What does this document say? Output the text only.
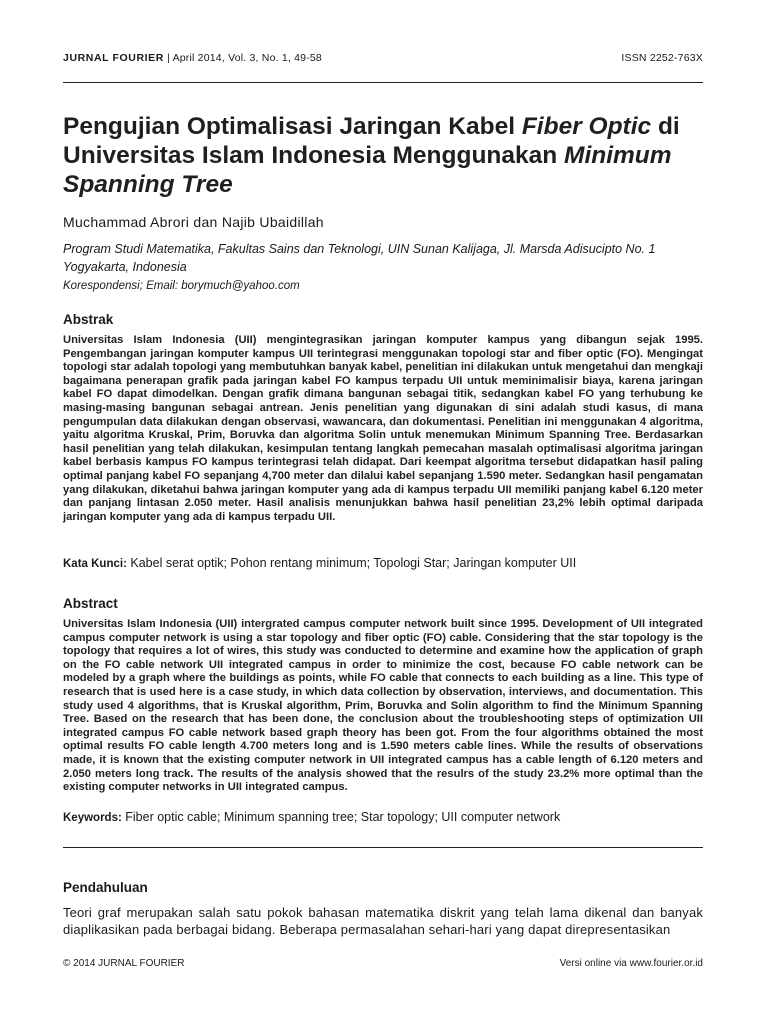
JURNAL FOURIER | April 2014, Vol. 3, No. 1, 49-58	ISSN 2252-763X
Pengujian Optimalisasi Jaringan Kabel Fiber Optic di Universitas Islam Indonesia Menggunakan Minimum Spanning Tree
Muchammad Abrori dan Najib Ubaidillah
Program Studi Matematika, Fakultas Sains dan Teknologi, UIN Sunan Kalijaga, Jl. Marsda Adisucipto No. 1 Yogyakarta, Indonesia
Korespondensi; Email: borymuch@yahoo.com
Abstrak

Universitas Islam Indonesia (UII) mengintegrasikan jaringan komputer kampus yang dibangun sejak 1995. Pengembangan jaringan komputer kampus UII terintegrasi menggunakan topologi star and fiber optic (FO). Mengingat topologi star adalah topologi yang membutuhkan banyak kabel, penelitian ini dilakukan untuk mengetahui dan mengkaji bagaimana penerapan grafik pada jaringan kabel FO kampus terpadu UII untuk meminimalisir biaya, karena jaringan kabel FO dapat dimodelkan. Dengan grafik dimana bangunan sebagai titik, sedangkan kabel FO yang terhubung ke masing-masing bangunan sebagai antrean. Jenis penelitian yang digunakan di sini adalah studi kasus, di mana pengumpulan data dilakukan dengan observasi, wawancara, dan dokumentasi. Penelitian ini menggunakan 4 algoritma, yaitu algoritma Kruskal, Prim, Boruvka dan algoritma Solin untuk menemukan Minimum Spanning Tree. Berdasarkan hasil penelitian yang telah dilakukan, kesimpulan tentang langkah pemecahan masalah optimalisasi algoritma jaringan kabel berbasis kampus FO kampus terintegrasi telah didapat. Dari keempat algoritma tersebut didapatkan hasil paling optimal panjang kabel FO sepanjang 4,700 meter dan dilalui kabel sepanjang 1.590 meter. Sedangkan hasil pengamatan yang dilakukan, diketahui bahwa jaringan komputer yang ada di kampus terpadu UII memiliki panjang kabel 6.120 meter dan panjang lintasan 2.050 meter. Hasil analisis menunjukkan bahwa hasil penelitian 23,2% lebih optimal daripada jaringan komputer yang ada di kampus terpadu UII.

Kata Kunci: Kabel serat optik; Pohon rentang minimum; Topologi Star; Jaringan komputer UII
Abstract

Universitas Islam Indonesia (UII) intergrated campus computer network built since 1995. Development of UII integrated campus computer network is using a star topology and fiber optic (FO) cable. Considering that the star topology is the topology that requires a lot of wires, this study was conducted to determine and examine how the application of graph on the FO cable network UII integrated campus in order to minimize the cost, because FO cable network can be modeled by a graph where the buildings as points, while FO cable that connects to each building as a line. This type of research that is used here is a case study, in which data collection by observation, interviews, and documentation. This study used 4 algorithms, that is Kruskal algorithm, Prim, Boruvka and Solin algorithm to find the Minimum Spanning Tree. Based on the research that has been done, the conclusion about the troubleshooting steps of optimization UII integrated campus FO cable network based graph theory has been got. From the four algorithms obtained the most optimal results FO cable length 4.700 meters long and is 1.590 meters cable lines. While the results of observations made, it is known that the existing computer network in UII integrated campus has a cable length of 6.120 meters and 2.050 meters long track. The results of the analysis showed that the resulrs of the study 23.2% more optimal than the existing computer networks in UII integrated campus.

Keywords: Fiber optic cable; Minimum spanning tree; Star topology; UII computer network
Pendahuluan

Teori graf merupakan salah satu pokok bahasan matematika diskrit yang telah lama dikenal dan banyak diaplikasikan pada berbagai bidang. Beberapa permasalahan sehari-hari yang dapat direpresentasikan

© 2014 JURNAL FOURIER	Versi online via www.fourier.or.id
